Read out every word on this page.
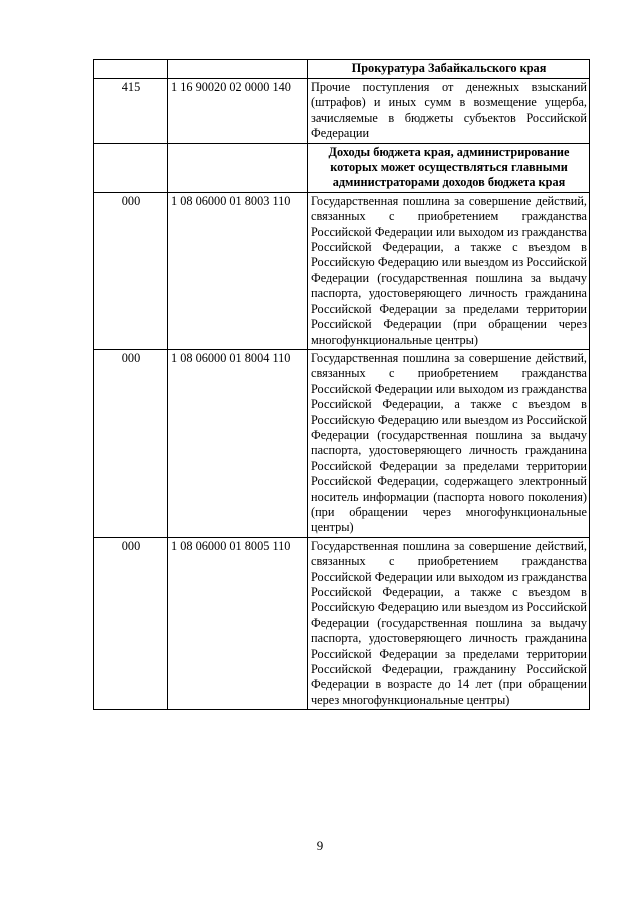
		Прокуратура Забайкальского края
415	1 16 90020 02 0000 140	Прочие поступления от денежных взысканий (штрафов) и иных сумм в возмещение ущерба, зачисляемые в бюджеты субъектов Российской Федерации
		Доходы бюджета края, администрирование которых может осуществляться главными администраторами доходов бюджета края
000	1 08 06000 01 8003 110	Государственная пошлина за совершение действий, связанных с приобретением гражданства Российской Федерации или выходом из гражданства Российской Федерации, а также с въездом в Российскую Федерацию или выездом из Российской Федерации (государственная пошлина за выдачу паспорта, удостоверяющего личность гражданина Российской Федерации за пределами территории Российской Федерации (при обращении через многофункциональные центры)
000	1 08 06000 01 8004 110	Государственная пошлина за совершение действий, связанных с приобретением гражданства Российской Федерации или выходом из гражданства Российской Федерации, а также с въездом в Российскую Федерацию или выездом из Российской Федерации (государственная пошлина за выдачу паспорта, удостоверяющего личность гражданина Российской Федерации за пределами территории Российской Федерации, содержащего электронный носитель информации (паспорта нового поколения) (при обращении через многофункциональные центры)
000	1 08 06000 01 8005 110	Государственная пошлина за совершение действий, связанных с приобретением гражданства Российской Федерации или выходом из гражданства Российской Федерации, а также с въездом в Российскую Федерацию или выездом из Российской Федерации (государственная пошлина за выдачу паспорта, удостоверяющего личность гражданина Российской Федерации за пределами территории Российской Федерации, гражданину Российской Федерации в возрасте до 14 лет (при обращении через многофункциональные центры)
9
